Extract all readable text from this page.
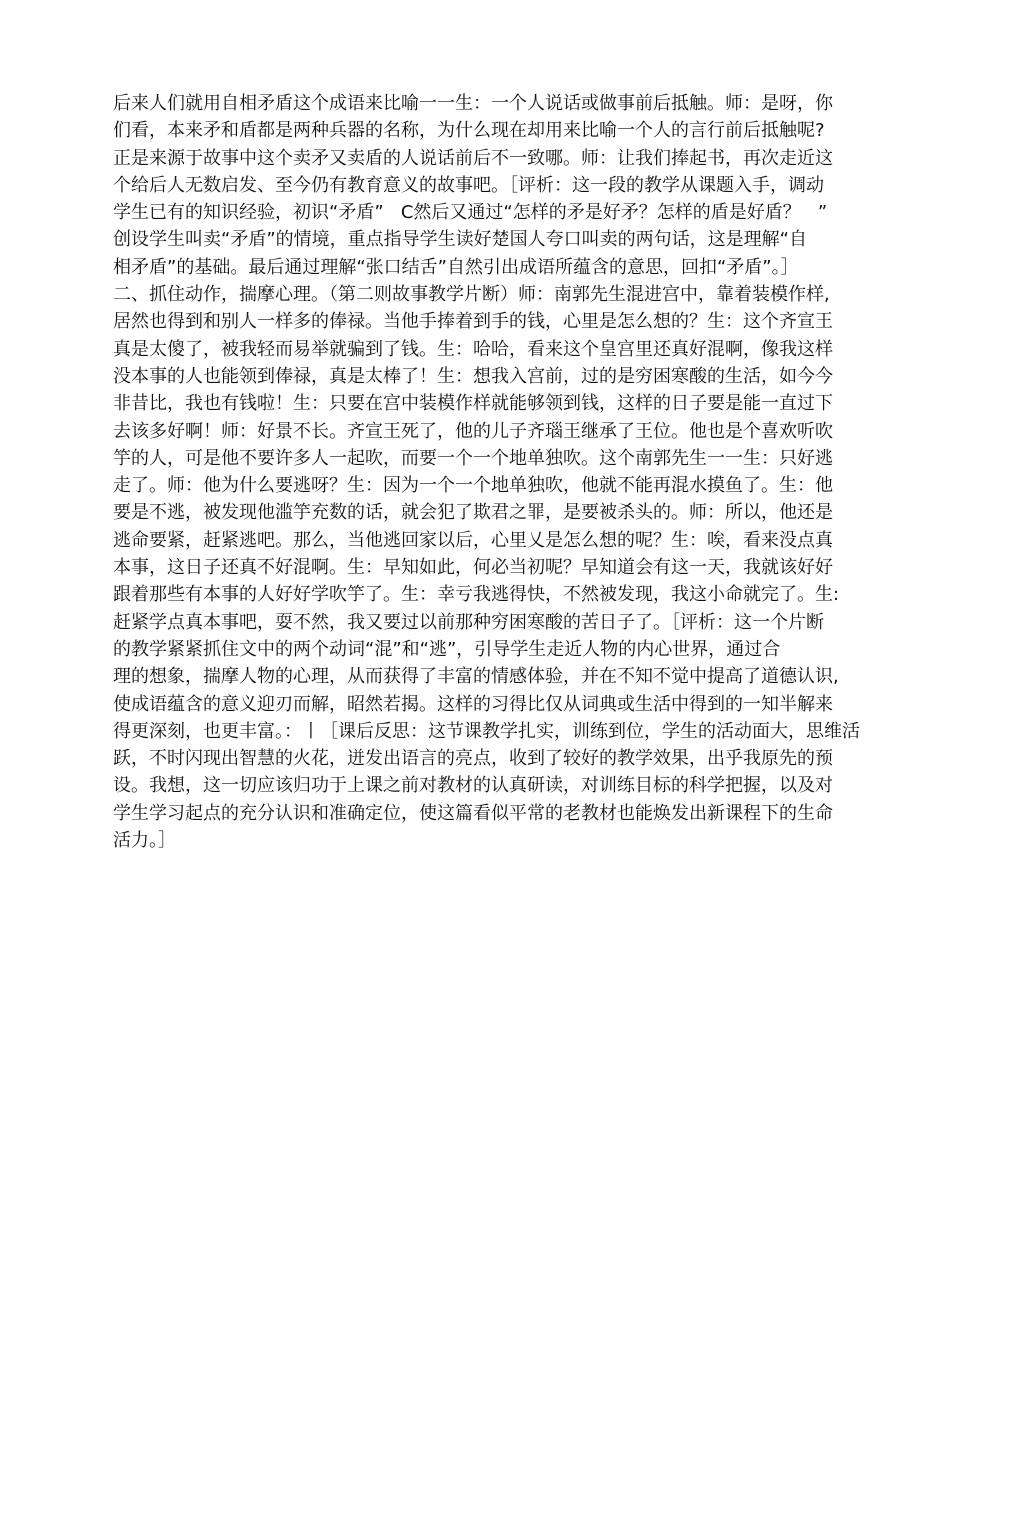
后来人们就用自相矛盾这个成语来比喻一一生：一个人说话或做事前后抵触。师：是呀，你

们看，本来矛和盾都是两种兵器的名称，为什么现在却用来比喻一个人的言行前后抵触呢?

正是来源于故事中这个卖矛又卖盾的人说话前后不一致哪。师：让我们捧起书，再次走近这

个给后人无数启发、至今仍有教育意义的故事吧。［评析：这一段的教学从课题入手，调动

学生已有的知识经验，初识“矛盾”   C然后又通过“怎样的矛是好矛？怎样的盾是好盾？   ”

创设学生叫卖“矛盾”的情境，重点指导学生读好楚国人夸口叫卖的两句话，这是理解“自

相矛盾”的基础。最后通过理解“张口结舌”自然引出成语所蕴含的意思，回扣“矛盾”。］

二、抓住动作，揣摩心理。（第二则故事教学片断）师：南郭先生混进宫中，靠着装模作样,

居然也得到和别人一样多的俸禄。当他手捧着到手的钱，心里是怎么想的？生：这个齐宣王

真是太傻了，被我轻而易举就骗到了钱。生：哈哈，看来这个皇宫里还真好混啊，像我这样

没本事的人也能领到俸禄，真是太棒了！生：想我入宫前，过的是穷困寒酸的生活，如今今

非昔比，我也有钱啦！生：只要在宫中装模作样就能够领到钱，这样的日子要是能一直过下

去该多好啊！师：好景不长。齐宣王死了，他的儿子齐瑙王继承了王位。他也是个喜欢听吹

竽的人，可是他不要许多人一起吹，而要一个一个地单独吹。这个南郭先生一一生：只好逃

走了。师：他为什么要逃呀？生：因为一个一个地单独吹，他就不能再混水摸鱼了。生：他

要是不逃，被发现他滥竽充数的话，就会犯了欺君之罪，是要被杀头的。师：所以，他还是

逃命要紧，赶紧逃吧。那么，当他逃回家以后，心里乂是怎么想的呢？生：唉，看来没点真

本事，这日子还真不好混啊。生：早知如此，何必当初呢？早知道会有这一天，我就该好好

跟着那些有本事的人好好学吹竽了。生：幸亏我逃得快，不然被发现，我这小命就完了。生:

赶紧学点真本事吧，耍不然，我又要过以前那种穷困寒酸的苦日子了。［评析：这一个片断

的教学紧紧抓住文中的两个动词“混”和“逃”，引导学生走近人物的内心世界，通过合

理的想象，揣摩人物的心理，从而获得了丰富的情感体验，并在不知不觉中提高了道德认识,

使成语蕴含的意义迎刃而解，昭然若揭。这样的习得比仅从词典或生活中得到的一知半解来

得更深刻，也更丰富。：丨［课后反思：这节课教学扎实，训练到位，学生的活动面大，思维活

跃，不时闪现出智慧的火花，迸发出语言的亮点，收到了较好的教学效果，出乎我原先的预

设。我想，这一切应该归功于上课之前对教材的认真研读，对训练目标的科学把握，以及对

学生学习起点的充分认识和准确定位，使这篇看似平常的老教材也能焕发出新课程下的生命

活力。］
